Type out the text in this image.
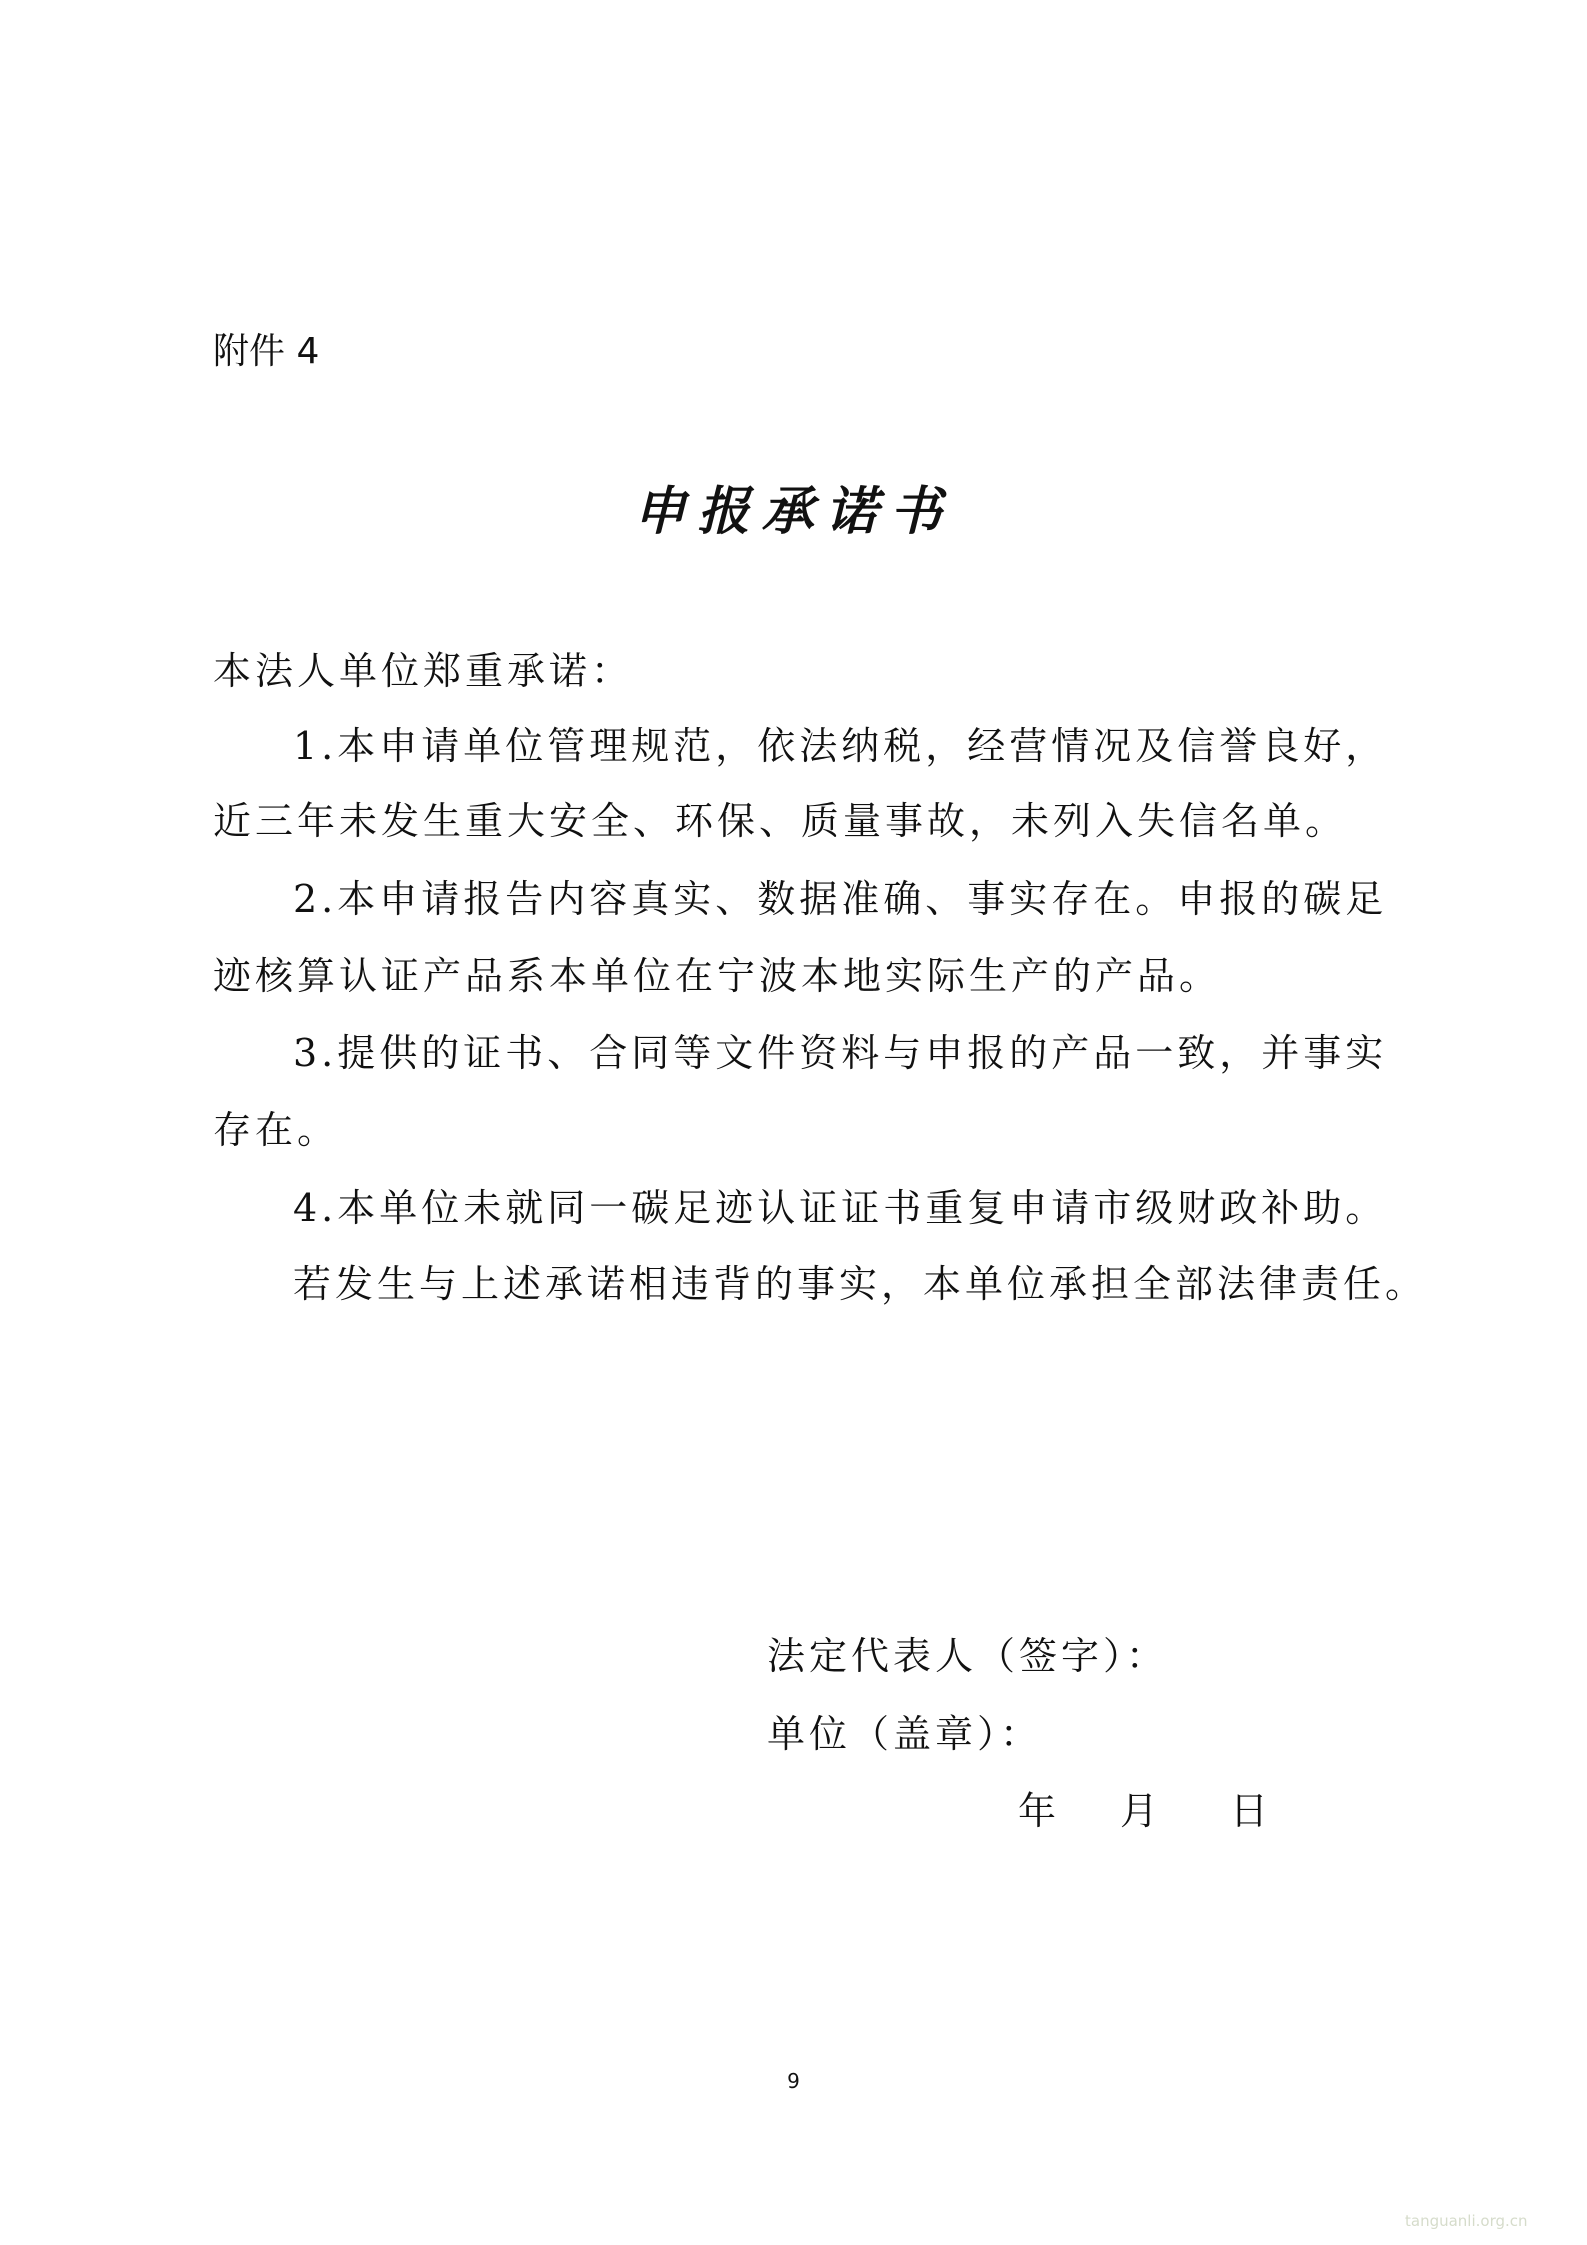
附件 4
申报承诺书
本法人单位郑重承诺：
1.本申请单位管理规范，依法纳税，经营情况及信誉良好，
近三年未发生重大安全、环保、质量事故，未列入失信名单。
2.本申请报告内容真实、数据准确、事实存在。申报的碳足
迹核算认证产品系本单位在宁波本地实际生产的产品。
3.提供的证书、合同等文件资料与申报的产品一致，并事实
存在。
4.本单位未就同一碳足迹认证证书重复申请市级财政补助。
若发生与上述承诺相违背的事实，本单位承担全部法律责任。
法定代表人（签字）：
单位（盖章）：
年 月 日
9
tanguanli.org.cn
